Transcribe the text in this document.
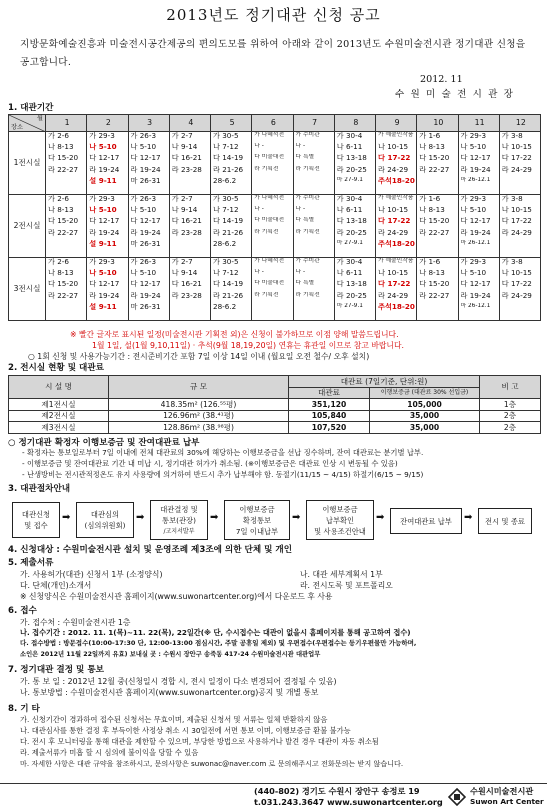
2013년도 정기대관 신청 공고
지방문화예술진흥과 미술전시공간제공의 편의도모를 위하여 아래와 같이 2013년도 수원미술전시관 정기대관 신청을 공고합니다.
2012. 11
수 원 미 술 전 시 관 장
1. 대관기간
월
장소	1	2	3	4	5	6	7	8	9	10	11	12
1전시실	가 2-6
나 8-13
다 15-20
라 22-27	가 29-3
나 5-10
다 12-17
라 19-24
설 9-11	가 26-3
나 5-10
다 12-17
라 19-24
마 26-31	가 2-7
나 9-14
다 16-21
라 23-28	가 30-5
나 7-12
다 14-19
라 21-26
28-6.2	가 나혜석전
나 -
다 미술대전
라 기획전	가 수미관
나 -
다 특별
라 기획전	가 30-4
나 6-11
다 13-18
라 20-25
마 27-9.1	가 예술인작품
나 10-15
다 17-22
라 24-29
추석18-20	가 1-6
나 8-13
다 15-20
라 22-27	가 29-3
나 5-10
다 12-17
라 19-24
마 26-12.1	가 3-8
나 10-15
다 17-22
라 24-29

2전시실	가 2-6
나 8-13
다 15-20
라 22-27	가 29-3
나 5-10
다 12-17
라 19-24
설 9-11	가 26-3
나 5-10
다 12-17
라 19-24
마 26-31	가 2-7
나 9-14
다 16-21
라 23-28	가 30-5
나 7-12
다 14-19
라 21-26
28-6.2	가 나혜석전
나 -
다 미술대전
라 기획전	가 수미관
나 -
다 특별
라 기획전	가 30-4
나 6-11
다 13-18
라 20-25
마 27-9.1	가 예술인작품
나 10-15
다 17-22
라 24-29
추석18-20	가 1-6
나 8-13
다 15-20
라 22-27	가 29-3
나 5-10
다 12-17
라 19-24
마 26-12.1	가 3-8
나 10-15
다 17-22
라 24-29

3전시실	가 2-6
나 8-13
다 15-20
라 22-27	가 29-3
나 5-10
다 12-17
라 19-24
설 9-11	가 26-3
나 5-10
다 12-17
라 19-24
마 26-31	가 2-7
나 9-14
다 16-21
라 23-28	가 30-5
나 7-12
다 14-19
라 21-26
28-6.2	가 나혜석전
나 -
다 미술대전
라 기획전	가 수미관
나 -
다 특별
라 기획전	가 30-4
나 6-11
다 13-18
라 20-25
마 27-9.1	가 예술인작품
나 10-15
다 17-22
라 24-29
추석18-20	가 1-6
나 8-13
다 15-20
라 22-27	가 29-3
나 5-10
다 12-17
라 19-24
마 26-12.1	가 3-8
나 10-15
다 17-22
라 24-29
※ 빨간 글자로 표시된 일정(미술전시관 기획전 외)은 신청이 불가하므로 이점 양해 말씀드립니다.
1월 1일, 설(1월 9,10,11일) · 추석(9월 18,19,20일) 연휴는 휴관일 이므로 참고 바랍니다.
○ 1회 신청 및 사용가능기간 : 전시준비기간 포함 7일 이상 14일 이내 (월요일 오전 철수/ 오후 설치)
2. 전시실 현황 및 대관료
시 설 명	규 모	대관료 (7일기준, 단위:원)		비 고
		대관료	이행보증금 (대관료 30% 선입금)	
제1전시실	418.35m² (126.⁵⁵평)	351,120	105,000	1층
제2전시실	126.96m² (38.⁴¹평)	105,840	35,000	2층
제3전시실	128.86m² (38.⁹⁸평)	107,520	35,000	2층
○ 정기대관 확정자 이행보증금 및 잔여대관료 납부
- 확정자는 통보일로부터 7일 이내에 전체 대관료의 30%에 해당하는 이행보증금을 선납 징수하며, 잔여 대관료는 분기별 납부.
- 이행보증금 및 잔여대관료 기간 내 미납 시, 정기대관 허가가 취소됨. (※이행보증금은 대관료 인상 시 변동될 수 있음)
- 난생방비는 전시관적정온도 유지 사용량에 의거하여 반드시 추가 납부해야 함. 동절기(11/15 ~ 4/15) 하절기(6/15 ~ 9/15)
3. 대관절차안내
대관신청
및 접수
➡	대관심의
(심의위원회)
➡
대관결정 및
통보(관장)
/고지서발부
➡
이행보증금
확정통보
7일 이내납부
➡
이행보증금
납부확인
및 사용조건안내
➡ 잔여대관료 납부 ➡ 전시 및 종료
4. 신청대상 : 수원미술전시관 설치 및 운영조례 제3조에 의한 단체 및 개인
5. 제출서류
가. 사용허가(대관) 신청서 1부 (소정양식)	나. 대관 세부계획서 1부
다. 단체(개인)소개서	라. 전시도록 및 포트폴리오
※ 신청양식은 수원미술전시관 홈페이지(www.suwonartcenter.org)에서 다운로드 후 사용
6. 접수
가. 접수처 : 수원미술전시관 1층
나. 접수기간 : 2012. 11. 1(목)~11. 22(목), 22일간(※ 단, 수시접수는 대관이 없을시 홈페이지를 통해 공고하여 접수)
다. 접수방법 : 방문접수(10:00-17:30 단, 12:00-13:00 점심시간, 주말 공휴일 제외) 및 우편접수(우편접수는 등기우편물만 가능하며,
소인은 2012년 11월 22일까지 유효) 보내실 곳 : 수원시 장안구 송죽동 417-24 수원미술전시관 대관업무
7. 정기대관 결정 및 통보
가. 통 보 일 : 2012년 12월 중(신청일시 경합 시, 전시 일정이 다소 변경되어 결정될 수 있음)
나. 통보방법 : 수원미술전시관 홈페이지(www.suwonartcenter.org)공지 및 개별 통보
8. 기 타
가. 신청기간이 경과하여 접수된 신청서는 무효이며, 제출된 신청서 및 서류는 일체 반환하지 않음
나. 대관심사를 통한 결정 후 부득이한 사정상 취소 시 30일전에 서면 통보 이며, 이행보증금 환불 불가능
다. 전시 후 모니터링을 통해 대관을 제한할 수 있으며, 부당한 방법으로 사용하거나 발견 경우 대관이 자동 취소됨
라. 제출서류가 미흡 할 시 심의에 불이익을 당할 수 있음
마. 자세한 사항은 대관 규약을 참조하시고, 문의사항은 suwonac@naver.com 로 문의해주시고 전화문의는 받지 않습니다.
(440-802) 경기도 수원시 장안구 송정로 19
t.031.243.3647 www.suwonartcenter.org
수원시미술전시관
Suwon Art Center
